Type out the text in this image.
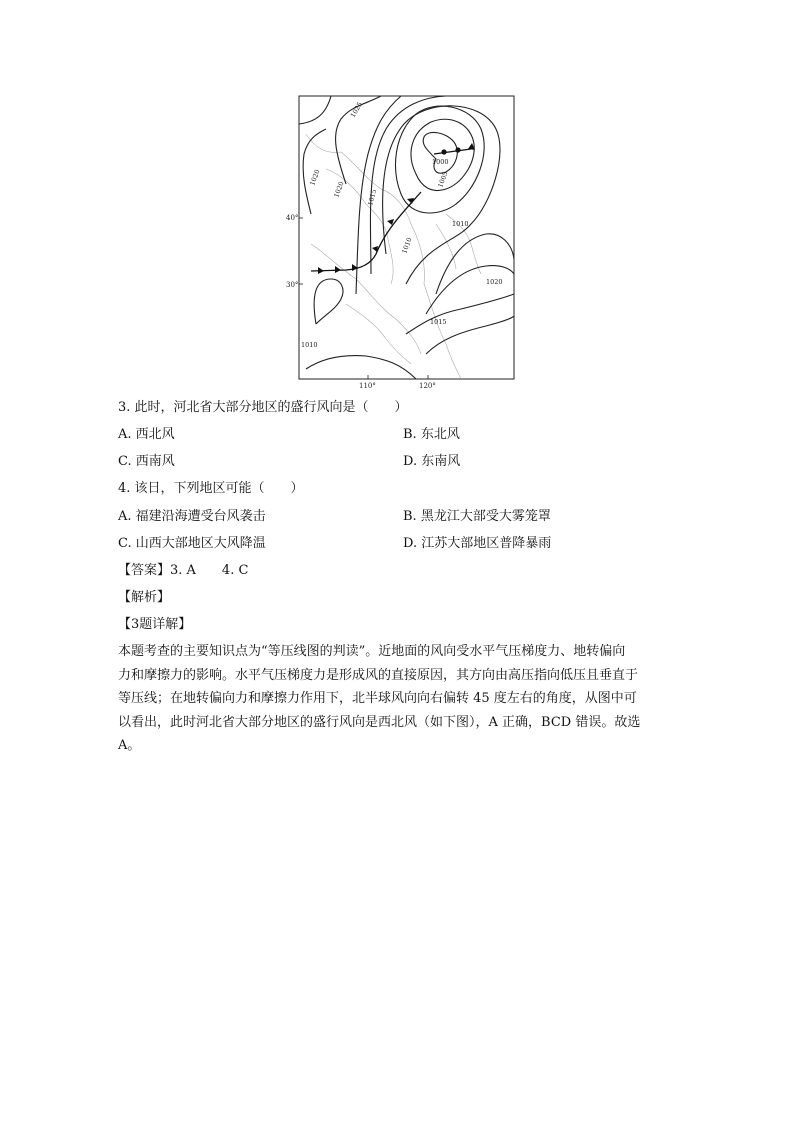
1025
1020
1020	1015
1010
1005
1000
1010
1020
1015
1010
40°
30°
110°	120°
3. 此时，河北省大部分地区的盛行风向是（　　）
A. 西北风	B. 东北风
C. 西南风	D. 东南风
4. 该日，下列地区可能（　　）
A. 福建沿海遭受台风袭击	B. 黑龙江大部受大雾笼罩
C. 山西大部地区大风降温	D. 江苏大部地区普降暴雨
【答案】3. A　　4. C
【解析】
【3题详解】
本题考查的主要知识点为“等压线图的判读”。近地面的风向受水平气压梯度力、地转偏向
力和摩擦力的影响。水平气压梯度力是形成风的直接原因，其方向由高压指向低压且垂直于
等压线；在地转偏向力和摩擦力作用下，北半球风向向右偏转 45 度左右的角度，从图中可
以看出，此时河北省大部分地区的盛行风向是西北风（如下图），A 正确，BCD 错误。故选
A。
